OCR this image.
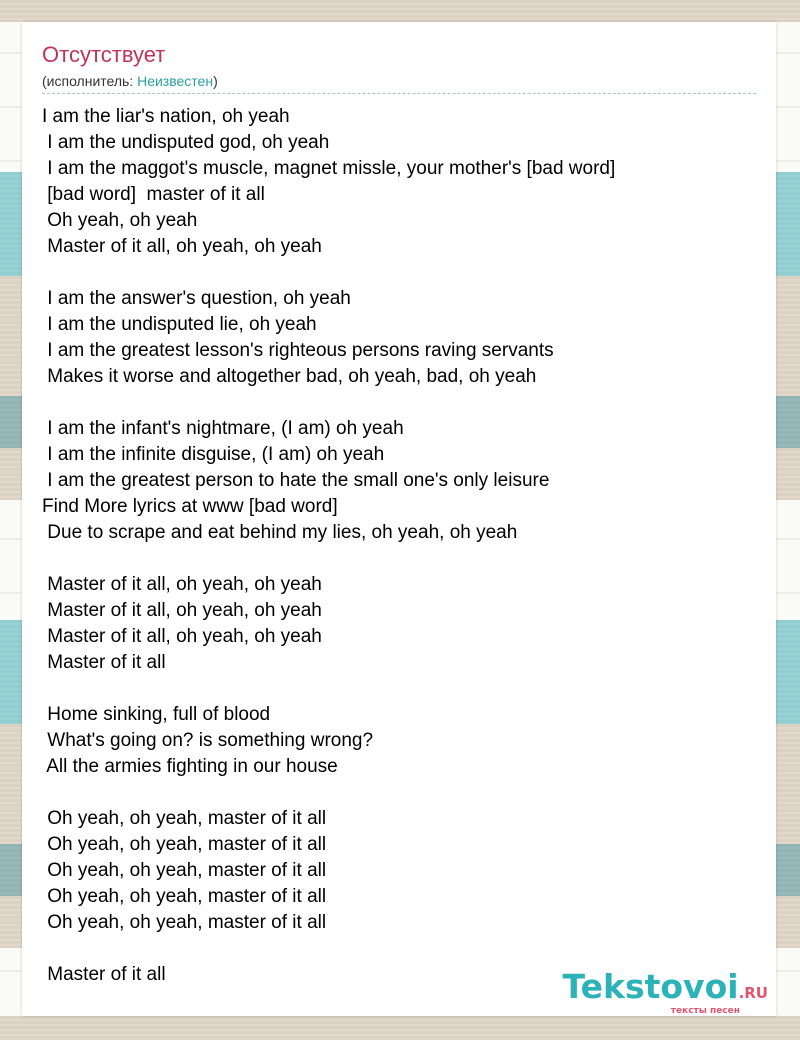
Отсутствует
(исполнитель: Неизвестен)
I am the liar's nation, oh yeah
I am the undisputed god, oh yeah
I am the maggot's muscle, magnet missle, your mother's [bad word]
[bad word]  master of it all
Oh yeah, oh yeah
Master of it all, oh yeah, oh yeah

I am the answer's question, oh yeah
I am the undisputed lie, oh yeah
I am the greatest lesson's righteous persons raving servants
Makes it worse and altogether bad, oh yeah, bad, oh yeah

I am the infant's nightmare, (I am) oh yeah
I am the infinite disguise, (I am) oh yeah
I am the greatest person to hate the small one's only leisure
Find More lyrics at www [bad word]
Due to scrape and eat behind my lies, oh yeah, oh yeah

Master of it all, oh yeah, oh yeah
Master of it all, oh yeah, oh yeah
Master of it all, oh yeah, oh yeah
Master of it all

Home sinking, full of blood
What's going on? is something wrong?
All the armies fighting in our house

Oh yeah, oh yeah, master of it all
Oh yeah, oh yeah, master of it all
Oh yeah, oh yeah, master of it all
Oh yeah, oh yeah, master of it all
Oh yeah, oh yeah, master of it all

Master of it all	Tekstovoi.RU
тексты песен
